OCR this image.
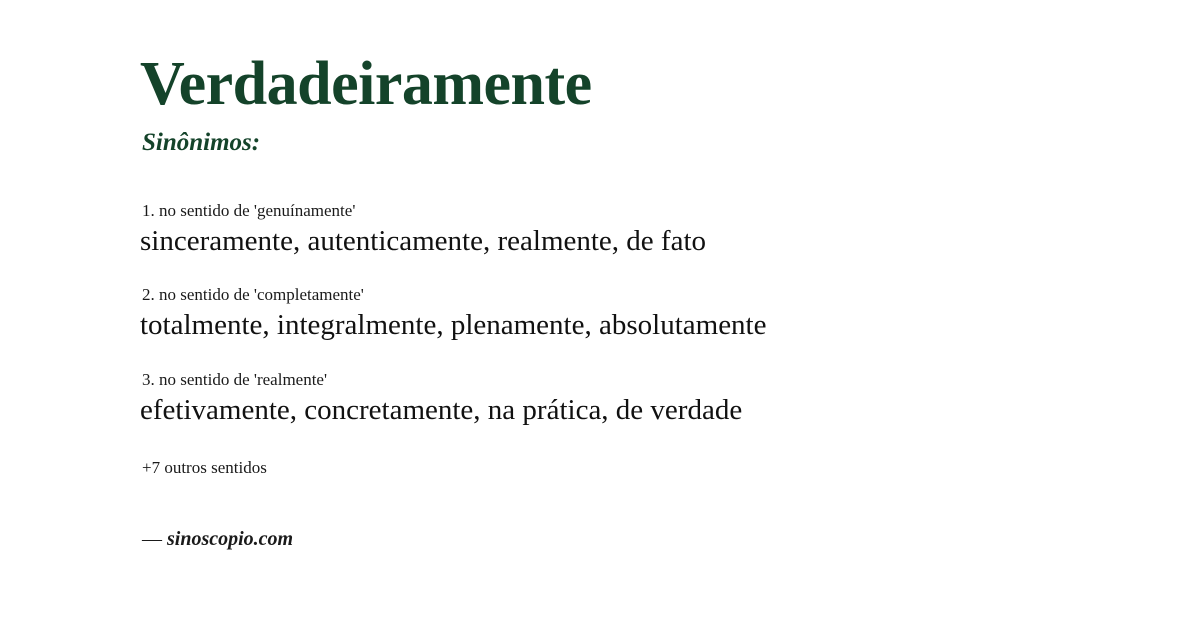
Verdadeiramente
Sinônimos:
1. no sentido de 'genuínamente'
sinceramente, autenticamente, realmente, de fato
2. no sentido de 'completamente'
totalmente, integralmente, plenamente, absolutamente
3. no sentido de 'realmente'
efetivamente, concretamente, na prática, de verdade
+7 outros sentidos
— sinoscopio.com
